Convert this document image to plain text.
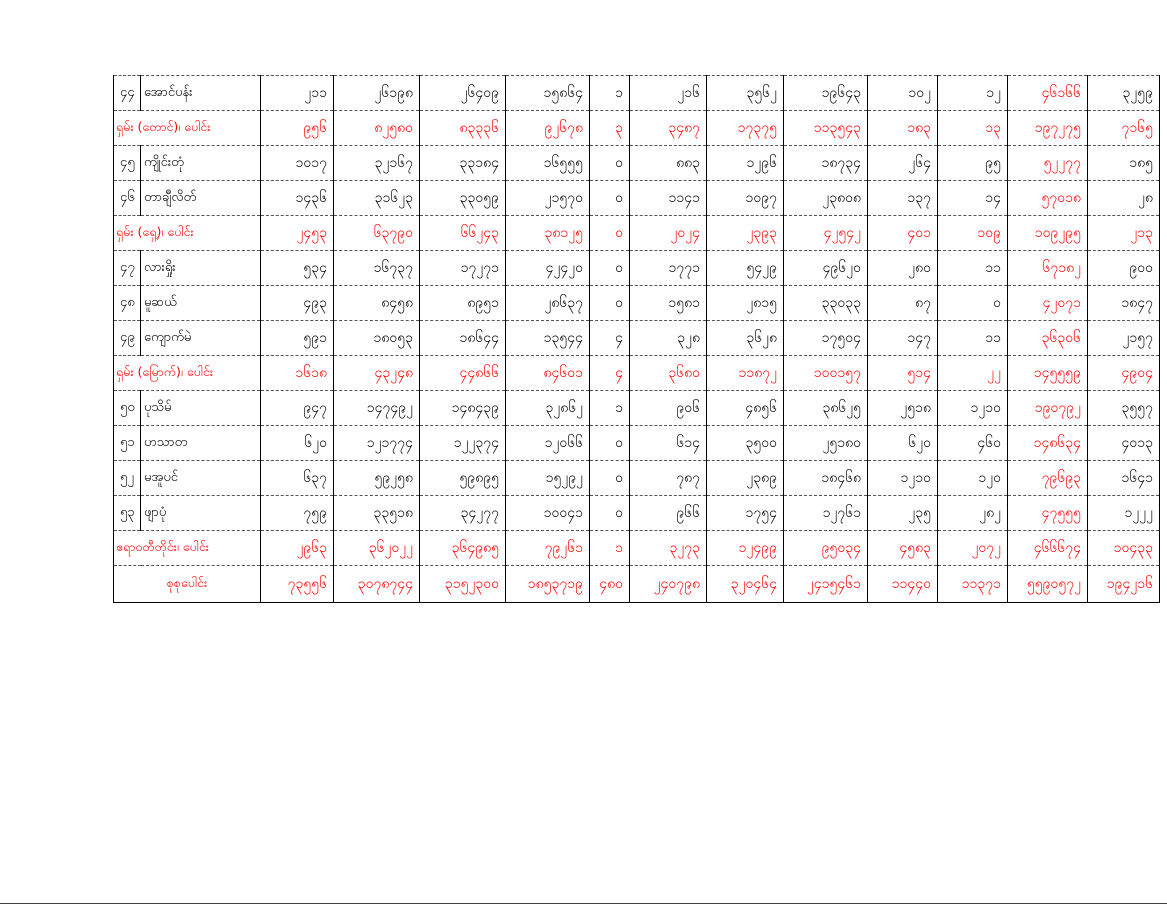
၄၄	အောင်ပန်း	၂၁၁	၂၆၁၉၈	၂၆၄၀၉	၁၅၈၆၄	၁	၂၁၆	၃၅၆၂	၁၉၆၄၃	၁၀၂	၁၂	၄၆၁၆၆	၃၂၅၉
ရှမ်း (တောင်)၊ ပေါင်း		၉၅၆	၈၂၅၈၀	၈၃၃၃၆	၉၂၆၇၈	၃	၃၄၈၇	၁၇၃၇၅	၁၁၃၅၄၃	၁၈၃	၁၃	၁၉၇၂၇၅	၇၁၆၅
၄၅	ကျိုင်းတုံ	၁၀၁၇	၃၂၁၆၇	၃၃၁၈၄	၁၆၅၅၅	၀	၈၈၃	၁၂၉၆	၁၈၇၃၄	၂၆၄	၉၅	၅၂၂၇၇	၁၈၅
၄၆	တာချီလိတ်	၁၄၃၆	၃၁၆၂၃	၃၃၀၅၉	၂၁၅၇၀	၀	၁၁၄၁	၁၀၉၇	၂၃၈၀၈	၁၃၇	၁၄	၅၇၀၁၈	၂၈
ရှမ်း (ရှေ့)၊ ပေါင်း		၂၄၅၃	၆၃၇၉၀	၆၆၂၄၃	၃၈၁၂၅	၀	၂၀၂၄	၂၃၉၃	၄၂၅၄၂	၄၀၁	၁၀၉	၁၀၉၂၉၅	၂၁၃
၄၇	လားရှိုး	၅၃၄	၁၆၇၃၇	၁၇၂၇၁	၄၂၄၂၀	၀	၁၇၇၁	၅၄၂၉	၄၉၆၂၀	၂၈၀	၁၁	၆၇၁၈၂	၉၀၀
၄၈	မူဆယ်	၄၉၃	၈၄၅၈	၈၉၅၁	၂၈၆၃၇	၀	၁၅၈၁	၂၈၁၅	၃၃၀၃၃	၈၇	၀	၄၂၀၇၁	၁၈၄၇
၄၉	ကျောက်မဲ	၅၉၁	၁၈၀၅၃	၁၈၆၄၄	၁၃၅၄၄	၄	၃၂၈	၃၆၂၈	၁၇၅၀၄	၁၄၇	၁၁	၃၆၃၀၆	၂၁၅၇
ရှမ်း (မြောက်)၊ ပေါင်း		၁၆၁၈	၄၃၂၄၈	၄၄၈၆၆	၈၄၆၀၁	၄	၃၆၈၀	၁၁၈၇၂	၁၀၀၁၅၇	၅၁၄	၂၂	၁၄၅၅၅၉	၄၉၀၄
၅၀	ပုသိမ်	၉၄၇	၁၄၇၄၉၂	၁၄၈၄၃၉	၃၂၈၆၂	၁	၉၀၆	၄၈၅၆	၃၈၆၂၅	၂၅၁၈	၁၂၁၀	၁၉၀၇၉၂	၃၅၅၇
၅၁	ဟသာတ	၆၂၀	၁၂၁၇၇၄	၁၂၂၃၇၄	၁၂၀၆၆	၀	၆၁၄	၃၅၀၀	၂၅၁၈၀	၆၂၀	၄၆၀	၁၄၈၆၃၄	၄၀၁၃
၅၂	မအူပင်	၆၃၇	၅၉၂၅၈	၅၉၈၉၅	၁၅၂၉၂	၀	၇၈၇	၂၃၈၉	၁၈၄၆၈	၁၂၁၀	၁၂၀	၇၉၆၉၃	၁၆၄၁
၅၃	ဖျာပုံ	၇၅၉	၃၃၅၁၈	၃၄၂၇၇	၁၀၀၄၁	၀	၉၆၆	၁၇၅၄	၁၂၇၆၁	၂၃၅	၂၈၂	၄၇၅၅၅	၁၂၂၂
ဧရာဝတီတိုင်း၊ ပေါင်း		၂၉၆၃	၃၆၂၀၂၂	၃၆၄၉၈၅	၇၉၂၆၁	၁	၃၂၇၃	၁၂၄၉၉	၉၅၀၃၄	၄၅၈၃	၂၀၇၂	၄၆၆၆၇၄	၁၀၄၃၃
စုစုပေါင်း		၇၃၅၅၆	၃၀၇၈၇၄၄	၃၁၅၂၃၀၀	၁၈၅၃၇၁၉	၄၈၀	၂၄၀၇၉၈	၃၂၀၄၆၄	၂၄၁၅၄၆၁	၁၁၄၄၀	၁၁၃၇၁	၅၅၉၀၅၇၂	၁၉၄၂၁၆
